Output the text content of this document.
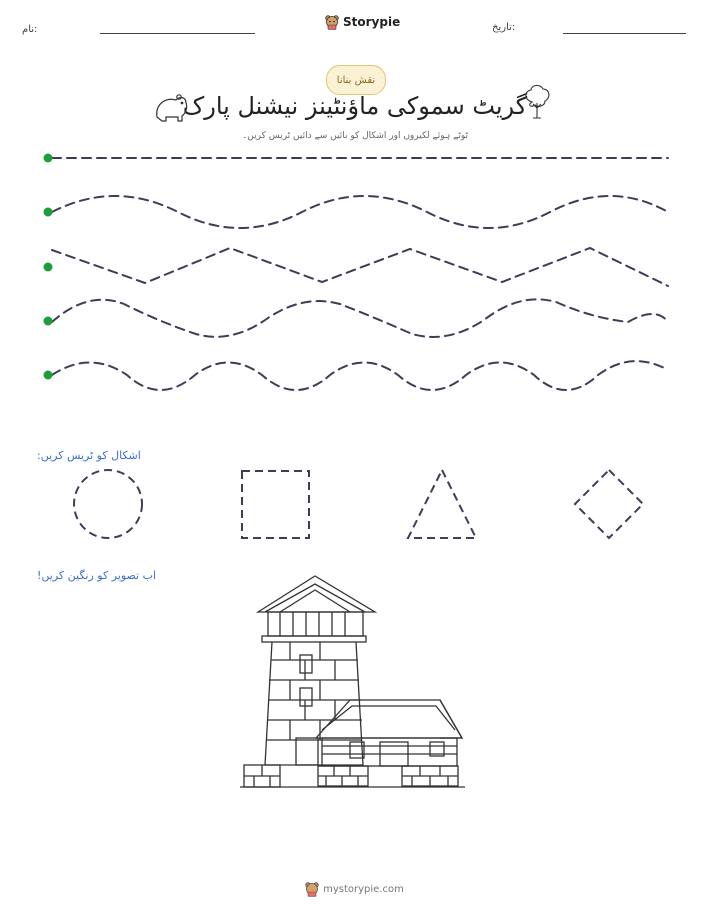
نام:
Storypie	تاریخ:
نقش بنانا
گریٹ سموکی ماؤنٹینز نیشنل پارک
ٹوٹے ہوئے لکیروں اور اشکال کو بائیں سے دائیں ٹریس کریں۔
اشکال کو ٹریس کریں:
اب تصویر کو رنگین کریں!
mystorypie.com
